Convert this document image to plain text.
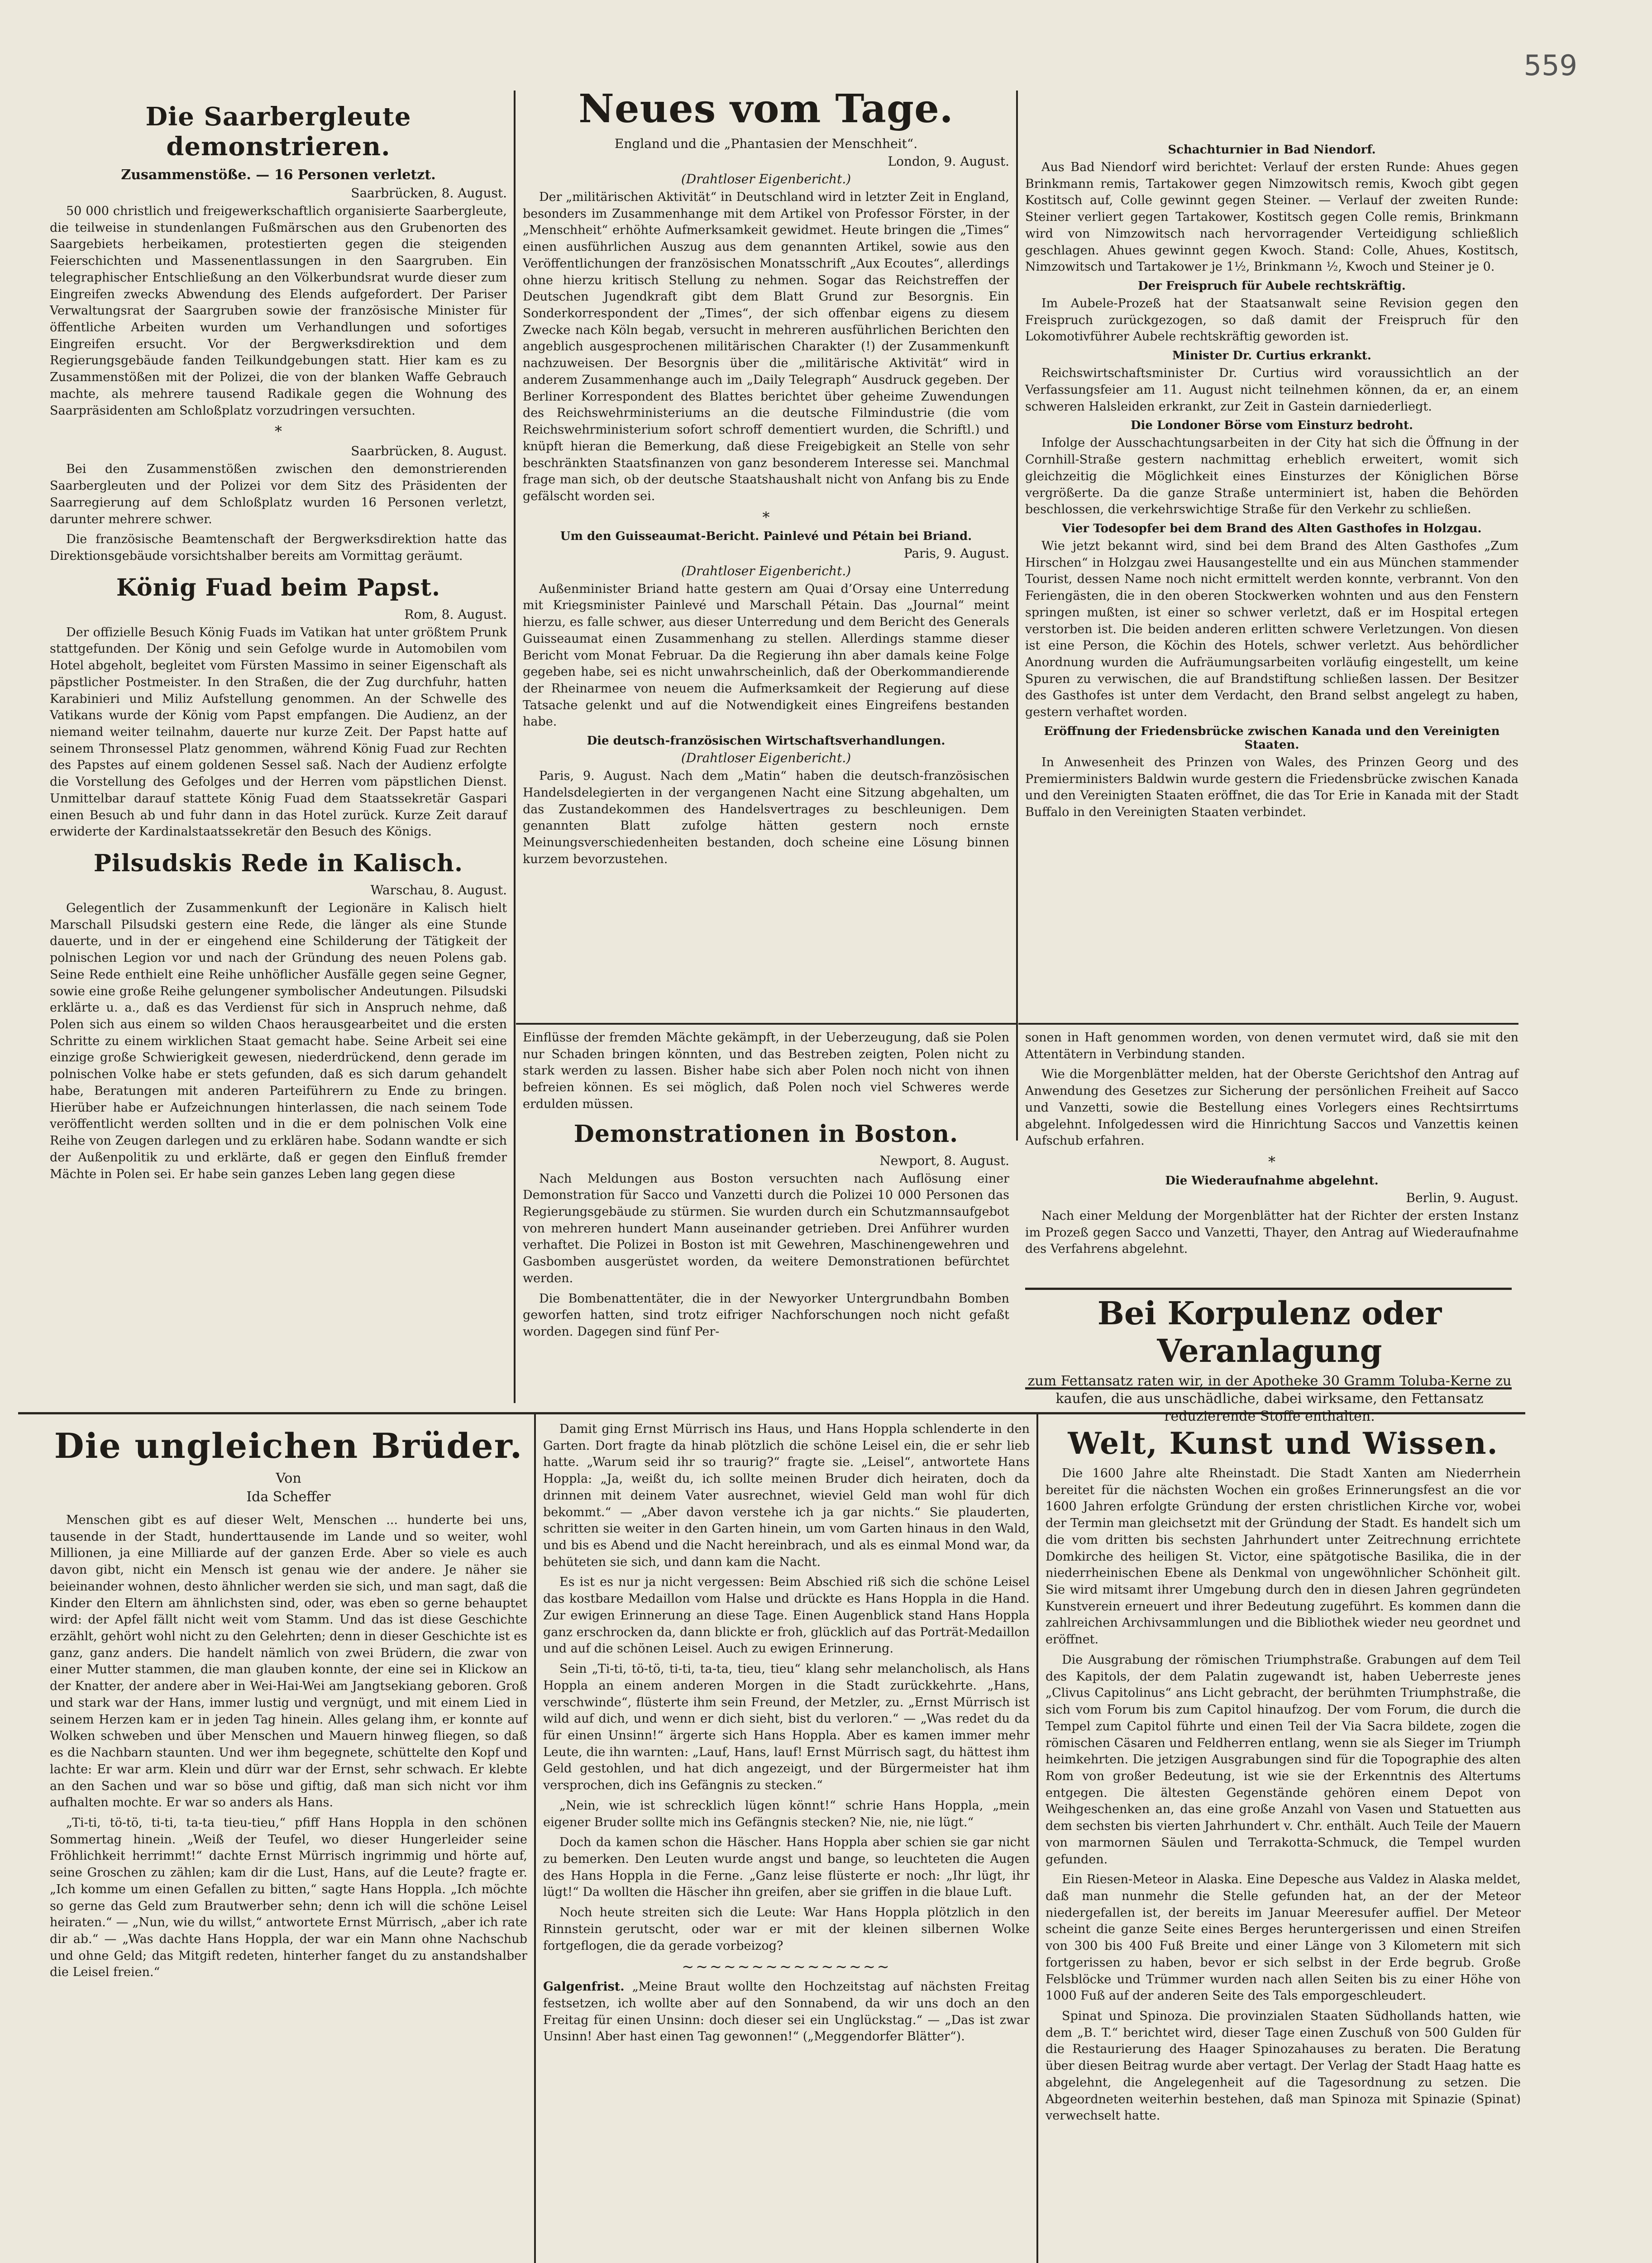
559

Die Saarbergleute demonstrieren.

Zusammenstöße. — 16 Personen verletzt.

Saarbrücken, 8. August.

50 000 christlich und freigewerkschaftlich organisierte Saarbergleute, die teilweise in stundenlangen Fußmärschen aus den Grubenorten des Saargebiets herbeikamen, protestierten gegen die steigenden Feierschichten und Massenentlassungen in den Saargruben. Ein telegraphischer Entschließung an den Völkerbundsrat wurde dieser zum Eingreifen zwecks Abwendung des Elends aufgefordert. Der Pariser Verwaltungsrat der Saargruben sowie der französische Minister für öffentliche Arbeiten wurden um Verhandlungen und sofortiges Eingreifen ersucht. Vor der Bergwerksdirektion und dem Regierungsgebäude fanden Teilkundgebungen statt. Hier kam es zu Zusammenstößen mit der Polizei, die von der blanken Waffe Gebrauch machte, als mehrere tausend Radikale gegen die Wohnung des Saarpräsidenten am Schloßplatz vorzudringen versuchten.

*

Saarbrücken, 8. August.

Bei den Zusammenstößen zwischen den demonstrierenden Saarbergleuten und der Polizei vor dem Sitz des Präsidenten der Saarregierung auf dem Schloßplatz wurden 16 Personen verletzt, darunter mehrere schwer.

Die französische Beamtenschaft der Bergwerksdirektion hatte das Direktionsgebäude vorsichtshalber bereits am Vormittag geräumt.

König Fuad beim Papst.

Rom, 8. August.

Der offizielle Besuch König Fuads im Vatikan hat unter größtem Prunk stattgefunden. Der König und sein Gefolge wurde in Automobilen vom Hotel abgeholt, begleitet vom Fürsten Massimo in seiner Eigenschaft als päpstlicher Postmeister. In den Straßen, die der Zug durchfuhr, hatten Karabinieri und Miliz Aufstellung genommen. An der Schwelle des Vatikans wurde der König vom Papst empfangen. Die Audienz, an der niemand weiter teilnahm, dauerte nur kurze Zeit. Der Papst hatte auf seinem Thronsessel Platz genommen, während König Fuad zur Rechten des Papstes auf einem goldenen Sessel saß. Nach der Audienz erfolgte die Vorstellung des Gefolges und der Herren vom päpstlichen Dienst. Unmittelbar darauf stattete König Fuad dem Staatssekretär Gaspari einen Besuch ab und fuhr dann in das Hotel zurück. Kurze Zeit darauf erwiderte der Kardinalstaatssekretär den Besuch des Königs.

Pilsudskis Rede in Kalisch.

Warschau, 8. August.

Gelegentlich der Zusammenkunft der Legionäre in Kalisch hielt Marschall Pilsudski gestern eine Rede, die länger als eine Stunde dauerte, und in der er eingehend eine Schilderung der Tätigkeit der polnischen Legion vor und nach der Gründung des neuen Polens gab. Seine Rede enthielt eine Reihe unhöflicher Ausfälle gegen seine Gegner, sowie eine große Reihe gelungener symbolischer Andeutungen. Pilsudski erklärte u. a., daß es das Verdienst für sich in Anspruch nehme, daß Polen sich aus einem so wilden Chaos herausgearbeitet und die ersten Schritte zu einem wirklichen Staat gemacht habe. Seine Arbeit sei eine einzige große Schwierigkeit gewesen, niederdrückend, denn gerade im polnischen Volke habe er stets gefunden, daß es sich darum gehandelt habe, Beratungen mit anderen Parteiführern zu Ende zu bringen. Hierüber habe er Aufzeichnungen hinterlassen, die nach seinem Tode veröffentlicht werden sollten und in die er dem polnischen Volk eine Reihe von Zeugen darlegen und zu erklären habe. Sodann wandte er sich der Außenpolitik zu und erklärte, daß er gegen den Einfluß fremder Mächte in Polen sei. Er habe sein ganzes Leben lang gegen diese

Neues vom Tage.

England und die „Phantasien der Menschheit“.

London, 9. August.

(Drahtloser Eigenbericht.)

Der „militärischen Aktivität“ in Deutschland wird in letzter Zeit in England, besonders im Zusammenhange mit dem Artikel von Professor Förster, in der „Menschheit“ erhöhte Aufmerksamkeit gewidmet. Heute bringen die „Times“ einen ausführlichen Auszug aus dem genannten Artikel, sowie aus den Veröffentlichungen der französischen Monatsschrift „Aux Ecoutes“, allerdings ohne hierzu kritisch Stellung zu nehmen. Sogar das Reichstreffen der Deutschen Jugendkraft gibt dem Blatt Grund zur Besorgnis. Ein Sonderkorrespondent der „Times“, der sich offenbar eigens zu diesem Zwecke nach Köln begab, versucht in mehreren ausführlichen Berichten den angeblich ausgesprochenen militärischen Charakter (!) der Zusammenkunft nachzuweisen. Der Besorgnis über die „militärische Aktivität“ wird in anderem Zusammenhange auch im „Daily Telegraph“ Ausdruck gegeben. Der Berliner Korrespondent des Blattes berichtet über geheime Zuwendungen des Reichswehrministeriums an die deutsche Filmindustrie (die vom Reichswehrministerium sofort schroff dementiert wurden, die Schriftl.) und knüpft hieran die Bemerkung, daß diese Freigebigkeit an Stelle von sehr beschränkten Staatsfinanzen von ganz besonderem Interesse sei. Manchmal frage man sich, ob der deutsche Staatshaushalt nicht von Anfang bis zu Ende gefälscht worden sei.

*

Um den Guisseaumat-Bericht. Painlevé und Pétain bei Briand.

Paris, 9. August.

(Drahtloser Eigenbericht.)

Außenminister Briand hatte gestern am Quai d’Orsay eine Unterredung mit Kriegsminister Painlevé und Marschall Pétain. Das „Journal“ meint hierzu, es falle schwer, aus dieser Unterredung und dem Bericht des Generals Guisseaumat einen Zusammenhang zu stellen. Allerdings stamme dieser Bericht vom Monat Februar. Da die Regierung ihn aber damals keine Folge gegeben habe, sei es nicht unwahrscheinlich, daß der Oberkommandierende der Rheinarmee von neuem die Aufmerksamkeit der Regierung auf diese Tatsache gelenkt und auf die Notwendigkeit eines Eingreifens bestanden habe.

Die deutsch-französischen Wirtschaftsverhandlungen.

(Drahtloser Eigenbericht.)

Paris, 9. August. Nach dem „Matin“ haben die deutsch-französischen Handelsdelegierten in der vergangenen Nacht eine Sitzung abgehalten, um das Zustandekommen des Handelsvertrages zu beschleunigen. Dem genannten Blatt zufolge hätten gestern noch ernste Meinungsverschiedenheiten bestanden, doch scheine eine Lösung binnen kurzem bevorzustehen.

Schachturnier in Bad Niendorf.

Aus Bad Niendorf wird berichtet: Verlauf der ersten Runde: Ahues gegen Brinkmann remis, Tartakower gegen Nimzowitsch remis, Kwoch gibt gegen Kostitsch auf, Colle gewinnt gegen Steiner. — Verlauf der zweiten Runde: Steiner verliert gegen Tartakower, Kostitsch gegen Colle remis, Brinkmann wird von Nimzowitsch nach hervorragender Verteidigung schließlich geschlagen. Ahues gewinnt gegen Kwoch. Stand: Colle, Ahues, Kostitsch, Nimzowitsch und Tartakower je 1½, Brinkmann ½, Kwoch und Steiner je 0.

Der Freispruch für Aubele rechtskräftig.

Im Aubele-Prozeß hat der Staatsanwalt seine Revision gegen den Freispruch zurückgezogen, so daß damit der Freispruch für den Lokomotivführer Aubele rechtskräftig geworden ist.

Minister Dr. Curtius erkrankt.

Reichswirtschaftsminister Dr. Curtius wird voraussichtlich an der Verfassungsfeier am 11. August nicht teilnehmen können, da er, an einem schweren Halsleiden erkrankt, zur Zeit in Gastein darniederliegt.

Die Londoner Börse vom Einsturz bedroht.

Infolge der Ausschachtungsarbeiten in der City hat sich die Öffnung in der Cornhill-Straße gestern nachmittag erheblich erweitert, womit sich gleichzeitig die Möglichkeit eines Einsturzes der Königlichen Börse vergrößerte. Da die ganze Straße unterminiert ist, haben die Behörden beschlossen, die verkehrswichtige Straße für den Verkehr zu schließen.

Vier Todesopfer bei dem Brand des Alten Gasthofes in Holzgau.

Wie jetzt bekannt wird, sind bei dem Brand des Alten Gasthofes „Zum Hirschen“ in Holzgau zwei Hausangestellte und ein aus München stammender Tourist, dessen Name noch nicht ermittelt werden konnte, verbrannt. Von den Feriengästen, die in den oberen Stockwerken wohnten und aus den Fenstern springen mußten, ist einer so schwer verletzt, daß er im Hospital ertegen verstorben ist. Die beiden anderen erlitten schwere Verletzungen. Von diesen ist eine Person, die Köchin des Hotels, schwer verletzt. Aus behördlicher Anordnung wurden die Aufräumungsarbeiten vorläufig eingestellt, um keine Spuren zu verwischen, die auf Brandstiftung schließen lassen. Der Besitzer des Gasthofes ist unter dem Verdacht, den Brand selbst angelegt zu haben, gestern verhaftet worden.

Eröffnung der Friedensbrücke zwischen Kanada und den Vereinigten Staaten.

In Anwesenheit des Prinzen von Wales, des Prinzen Georg und des Premierministers Baldwin wurde gestern die Friedensbrücke zwischen Kanada und den Vereinigten Staaten eröffnet, die das Tor Erie in Kanada mit der Stadt Buffalo in den Vereinigten Staaten verbindet.

Einflüsse der fremden Mächte gekämpft, in der Ueberzeugung, daß sie Polen nur Schaden bringen könnten, und das Bestreben zeigten, Polen nicht zu stark werden zu lassen. Bisher habe sich aber Polen noch nicht von ihnen befreien können. Es sei möglich, daß Polen noch viel Schweres werde erdulden müssen.

Demonstrationen in Boston.

Newport, 8. August.

Nach Meldungen aus Boston versuchten nach Auflösung einer Demonstration für Sacco und Vanzetti durch die Polizei 10 000 Personen das Regierungsgebäude zu stürmen. Sie wurden durch ein Schutzmannsaufgebot von mehreren hundert Mann auseinander getrieben. Drei Anführer wurden verhaftet. Die Polizei in Boston ist mit Gewehren, Maschinengewehren und Gasbomben ausgerüstet worden, da weitere Demonstrationen befürchtet werden.

Die Bombenattentäter, die in der Newyorker Untergrundbahn Bomben geworfen hatten, sind trotz eifriger Nachforschungen noch nicht gefaßt worden. Dagegen sind fünf Per-

sonen in Haft genommen worden, von denen vermutet wird, daß sie mit den Attentätern in Verbindung standen.

Wie die Morgenblätter melden, hat der Oberste Gerichtshof den Antrag auf Anwendung des Gesetzes zur Sicherung der persönlichen Freiheit auf Sacco und Vanzetti, sowie die Bestellung eines Vorlegers eines Rechtsirrtums abgelehnt. Infolgedessen wird die Hinrichtung Saccos und Vanzettis keinen Aufschub erfahren.

*

Die Wiederaufnahme abgelehnt.

Berlin, 9. August.

Nach einer Meldung der Morgenblätter hat der Richter der ersten Instanz im Prozeß gegen Sacco und Vanzetti, Thayer, den Antrag auf Wiederaufnahme des Verfahrens abgelehnt.

Bei Korpulenz oder Veranlagung

zum Fettansatz raten wir, in der Apotheke 30 Gramm Toluba-Kerne zu kaufen, die aus unschädliche, dabei wirksame, den Fettansatz reduzierende Stoffe enthalten.

Die ungleichen Brüder.

Von

Ida Scheffer

Menschen gibt es auf dieser Welt, Menschen ... hunderte bei uns, tausende in der Stadt, hunderttausende im Lande und so weiter, wohl Millionen, ja eine Milliarde auf der ganzen Erde. Aber so viele es auch davon gibt, nicht ein Mensch ist genau wie der andere. Je näher sie beieinander wohnen, desto ähnlicher werden sie sich, und man sagt, daß die Kinder den Eltern am ähnlichsten sind, oder, was eben so gerne behauptet wird: der Apfel fällt nicht weit vom Stamm. Und das ist diese Geschichte erzählt, gehört wohl nicht zu den Gelehrten; denn in dieser Geschichte ist es ganz, ganz anders. Die handelt nämlich von zwei Brüdern, die zwar von einer Mutter stammen, die man glauben konnte, der eine sei in Klickow an der Knatter, der andere aber in Wei-Hai-Wei am Jangtsekiang geboren. Groß und stark war der Hans, immer lustig und vergnügt, und mit einem Lied in seinem Herzen kam er in jeden Tag hinein. Alles gelang ihm, er konnte auf Wolken schweben und über Menschen und Mauern hinweg fliegen, so daß es die Nachbarn staunten. Und wer ihm begegnete, schüttelte den Kopf und lachte: Er war arm. Klein und dürr war der Ernst, sehr schwach. Er klebte an den Sachen und war so böse und giftig, daß man sich nicht vor ihm aufhalten mochte. Er war so anders als Hans.

„Ti-ti, tö-tö, ti-ti, ta-ta tieu-tieu,“ pfiff Hans Hoppla in den schönen Sommertag hinein. „Weiß der Teufel, wo dieser Hungerleider seine Fröhlichkeit herrimmt!“ dachte Ernst Mürrisch ingrimmig und hörte auf, seine Groschen zu zählen; kam dir die Lust, Hans, auf die Leute? fragte er. „Ich komme um einen Gefallen zu bitten,“ sagte Hans Hoppla. „Ich möchte so gerne das Geld zum Brautwerber sehn; denn ich will die schöne Leisel heiraten.“ — „Nun, wie du willst,“ antwortete Ernst Mürrisch, „aber ich rate dir ab.“ — „Was dachte Hans Hoppla, der war ein Mann ohne Nachschub und ohne Geld; das Mitgift redeten, hinterher fanget du zu anstandshalber die Leisel freien.“

Damit ging Ernst Mürrisch ins Haus, und Hans Hoppla schlenderte in den Garten. Dort fragte da hinab plötzlich die schöne Leisel ein, die er sehr lieb hatte. „Warum seid ihr so traurig?“ fragte sie. „Leisel“, antwortete Hans Hoppla: „Ja, weißt du, ich sollte meinen Bruder dich heiraten, doch da drinnen mit deinem Vater ausrechnet, wieviel Geld man wohl für dich bekommt.“ — „Aber davon verstehe ich ja gar nichts.“ Sie plauderten, schritten sie weiter in den Garten hinein, um vom Garten hinaus in den Wald, und bis es Abend und die Nacht hereinbrach, und als es einmal Mond war, da behüteten sie sich, und dann kam die Nacht.

Es ist es nur ja nicht vergessen: Beim Abschied riß sich die schöne Leisel das kostbare Medaillon vom Halse und drückte es Hans Hoppla in die Hand. Zur ewigen Erinnerung an diese Tage. Einen Augenblick stand Hans Hoppla ganz erschrocken da, dann blickte er froh, glücklich auf das Porträt-Medaillon und auf die schönen Leisel. Auch zu ewigen Erinnerung.

Sein „Ti-ti, tö-tö, ti-ti, ta-ta, tieu, tieu“ klang sehr melancholisch, als Hans Hoppla an einem anderen Morgen in die Stadt zurückkehrte. „Hans, verschwinde“, flüsterte ihm sein Freund, der Metzler, zu. „Ernst Mürrisch ist wild auf dich, und wenn er dich sieht, bist du verloren.“ — „Was redet du da für einen Unsinn!“ ärgerte sich Hans Hoppla. Aber es kamen immer mehr Leute, die ihn warnten: „Lauf, Hans, lauf! Ernst Mürrisch sagt, du hättest ihm Geld gestohlen, und hat dich angezeigt, und der Bürgermeister hat ihm versprochen, dich ins Gefängnis zu stecken.“

„Nein, wie ist schrecklich lügen könnt!“ schrie Hans Hoppla, „mein eigener Bruder sollte mich ins Gefängnis stecken? Nie, nie, nie lügt.“

Doch da kamen schon die Häscher. Hans Hoppla aber schien sie gar nicht zu bemerken. Den Leuten wurde angst und bange, so leuchteten die Augen des Hans Hoppla in die Ferne. „Ganz leise flüsterte er noch: „Ihr lügt, ihr lügt!“ Da wollten die Häscher ihn greifen, aber sie griffen in die blaue Luft.

Noch heute streiten sich die Leute: War Hans Hoppla plötzlich in den Rinnstein gerutscht, oder war er mit der kleinen silbernen Wolke fortgeflogen, die da gerade vorbeizog?

~~~~~~~~~~~~~~~

Galgenfrist. „Meine Braut wollte den Hochzeitstag auf nächsten Freitag festsetzen, ich wollte aber auf den Sonnabend, da wir uns doch an den Freitag für einen Unsinn: doch dieser sei ein Unglückstag.“ — „Das ist zwar Unsinn! Aber hast einen Tag gewonnen!“ („Meggendorfer Blätter“).

Welt, Kunst und Wissen.

Die 1600 Jahre alte Rheinstadt. Die Stadt Xanten am Niederrhein bereitet für die nächsten Wochen ein großes Erinnerungsfest an die vor 1600 Jahren erfolgte Gründung der ersten christlichen Kirche vor, wobei der Termin man gleichsetzt mit der Gründung der Stadt. Es handelt sich um die vom dritten bis sechsten Jahrhundert unter Zeitrechnung errichtete Domkirche des heiligen St. Victor, eine spätgotische Basilika, die in der niederrheinischen Ebene als Denkmal von ungewöhnlicher Schönheit gilt. Sie wird mitsamt ihrer Umgebung durch den in diesen Jahren gegründeten Kunstverein erneuert und ihrer Bedeutung zugeführt. Es kommen dann die zahlreichen Archivsammlungen und die Bibliothek wieder neu geordnet und eröffnet.

Die Ausgrabung der römischen Triumphstraße. Grabungen auf dem Teil des Kapitols, der dem Palatin zugewandt ist, haben Ueberreste jenes „Clivus Capitolinus“ ans Licht gebracht, der berühmten Triumphstraße, die sich vom Forum bis zum Capitol hinaufzog. Der vom Forum, die durch die Tempel zum Capitol führte und einen Teil der Via Sacra bildete, zogen die römischen Cäsaren und Feldherren entlang, wenn sie als Sieger im Triumph heimkehrten. Die jetzigen Ausgrabungen sind für die Topographie des alten Rom von großer Bedeutung, ist wie sie der Erkenntnis des Altertums entgegen. Die ältesten Gegenstände gehören einem Depot von Weihgeschenken an, das eine große Anzahl von Vasen und Statuetten aus dem sechsten bis vierten Jahrhundert v. Chr. enthält. Auch Teile der Mauern von marmornen Säulen und Terrakotta-Schmuck, die Tempel wurden gefunden.

Ein Riesen-Meteor in Alaska. Eine Depesche aus Valdez in Alaska meldet, daß man nunmehr die Stelle gefunden hat, an der der Meteor niedergefallen ist, der bereits im Januar Meeresufer auffiel. Der Meteor scheint die ganze Seite eines Berges heruntergerissen und einen Streifen von 300 bis 400 Fuß Breite und einer Länge von 3 Kilometern mit sich fortgerissen zu haben, bevor er sich selbst in der Erde begrub. Große Felsblöcke und Trümmer wurden nach allen Seiten bis zu einer Höhe von 1000 Fuß auf der anderen Seite des Tals emporgeschleudert.

Spinat und Spinoza. Die provinzialen Staaten Südhollands hatten, wie dem „B. T.“ berichtet wird, dieser Tage einen Zuschuß von 500 Gulden für die Restaurierung des Haager Spinozahauses zu beraten. Die Beratung über diesen Beitrag wurde aber vertagt. Der Verlag der Stadt Haag hatte es abgelehnt, die Angelegenheit auf die Tagesordnung zu setzen. Die Abgeordneten weiterhin bestehen, daß man Spinoza mit Spinazie (Spinat) verwechselt hatte.
